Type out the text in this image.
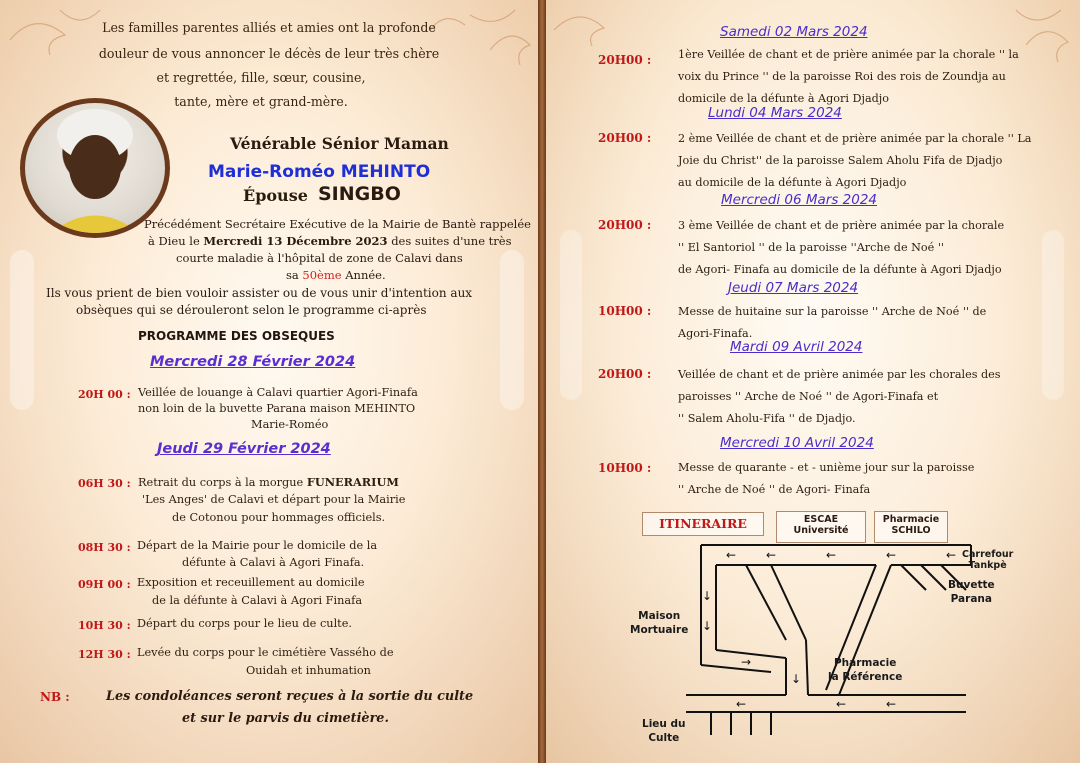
Les familles parentes alliés et amies ont la profonde

douleur de vous annoncer le décès de leur très chère

et regrettée, fille, sœur, cousine,

tante, mère et grand-mère.

Vénérable Sénior Maman

Marie-Roméo MEHINTO

Épouse SINGBO

Précédément Secrétaire Exécutive de la Mairie de Bantè rappelée

à Dieu le Mercredi 13 Décembre 2023 des suites d'une très

courte maladie à l'hôpital de zone de Calavi dans

sa 50ème Année.

Ils vous prient de bien vouloir assister ou de vous unir d'intention aux

obsèques qui se dérouleront selon le programme ci-après

PROGRAMME DES OBSEQUES

Mercredi 28 Février 2024

20H 00 : Veillée de louange à Calavi quartier Agori-Finafa

non loin de la buvette Parana maison MEHINTO

Marie-Roméo

Jeudi 29 Février 2024

06H 30 : Retrait du corps à la morgue FUNERARIUM

'Les Anges' de Calavi et départ pour la Mairie

de Cotonou pour hommages officiels.

08H 30 : Départ de la Mairie pour le domicile de la

défunte à Calavi à Agori Finafa.

09H 00 : Exposition et receuillement au domicile

de la défunte à Calavi à Agori Finafa

10H 30 : Départ du corps pour le lieu de culte.

12H 30 : Levée du corps pour le cimétière Vassého de

Ouidah et inhumation

NB :	Les condoléances seront reçues à la sortie du culte

et sur le parvis du cimetière.

Samedi 02 Mars 2024

20H00 : 1ère Veillée de chant et de prière animée par la chorale '' la

voix du Prince '' de la paroisse Roi des rois de Zoundja au

domicile de la défunte à Agori Djadjo

Lundi 04 Mars 2024

20H00 : 2 ème Veillée de chant et de prière animée par la chorale '' La

Joie du Christ'' de la paroisse Salem Aholu Fifa de Djadjo

au domicile de la défunte à Agori Djadjo

Mercredi 06 Mars 2024

20H00 : 3 ème Veillée de chant et de prière animée par la chorale

'' El Santoriol '' de la paroisse ''Arche de Noé ''

de Agori- Finafa au domicile de la défunte à Agori Djadjo

Jeudi 07 Mars 2024

10H00 : Messe de huitaine sur la paroisse '' Arche de Noé '' de

Agori-Finafa.

Mardi 09 Avril 2024

20H00 : Veillée de chant et de prière animée par les chorales des

paroisses '' Arche de Noé '' de Agori-Finafa et

'' Salem Aholu-Fifa '' de Djadjo.

Mercredi 10 Avril 2024

10H00 : Messe de quarante - et - unième jour sur la paroisse

'' Arche de Noé '' de Agori- Finafa

ITINERAIRE	ESCAE
Université
Pharmacie
SCHILO
←
←
←
←
←
↓
↓
→
↓
←	←
←
Carrefour
Tankpè
Buvette
Parana
Maison
Mortuaire
Pharmacie
la Référence
Lieu du
Culte
